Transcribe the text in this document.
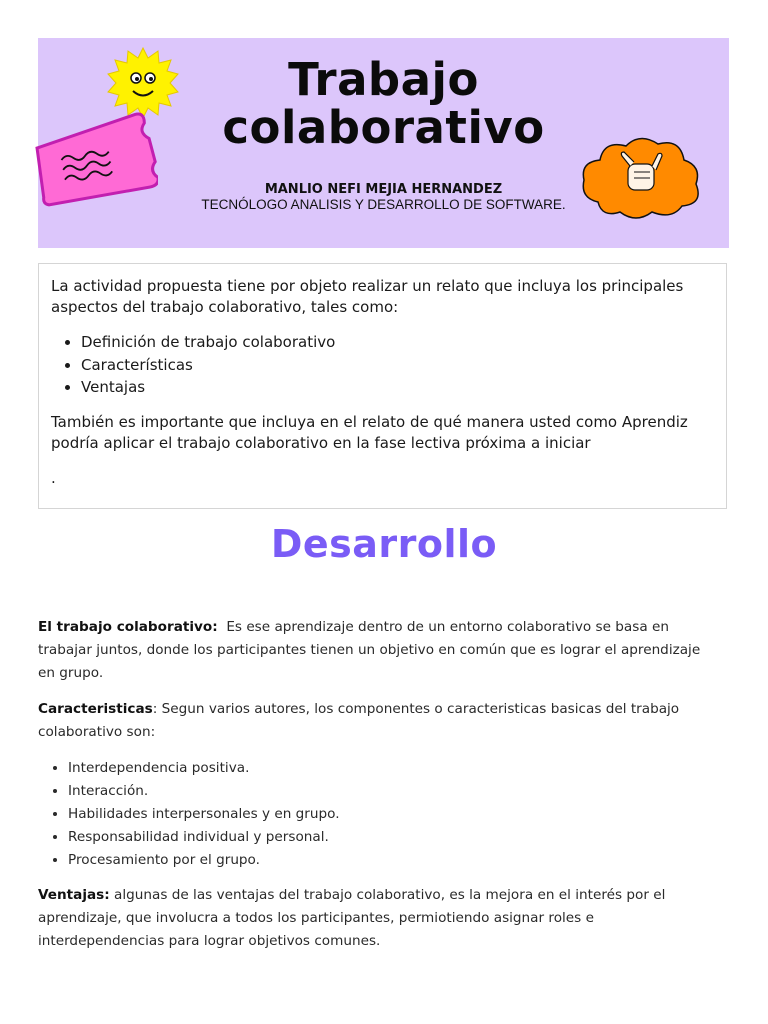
Trabajo
colaborativo
MANLIO NEFI MEJIA HERNANDEZ
TECNÓLOGO ANALISIS Y DESARROLLO DE SOFTWARE.

La actividad propuesta tiene por objeto realizar un relato que incluya los principales aspectos del trabajo colaborativo, tales como:

• Definición de trabajo colaborativo
• Características
• Ventajas

También es importante que incluya en el relato de qué manera usted como Aprendiz podría aplicar el trabajo colaborativo en la fase lectiva próxima a iniciar

.

Desarrollo

El trabajo colaborativo: Es ese aprendizaje dentro de un entorno colaborativo se basa en trabajar juntos, donde los participantes tienen un objetivo en común que es lograr el aprendizaje en grupo.

Caracteristicas: Segun varios autores, los componentes o caracteristicas basicas del trabajo colaborativo son:

• Interdependencia positiva.
• Interacción.
• Habilidades interpersonales y en grupo.
• Responsabilidad individual y personal.
• Procesamiento por el grupo.

Ventajas: algunas de las ventajas del trabajo colaborativo, es la mejora en el interés por el aprendizaje, que involucra a todos los participantes, permiotiendo asignar roles e interdependencias para lograr objetivos comunes.
